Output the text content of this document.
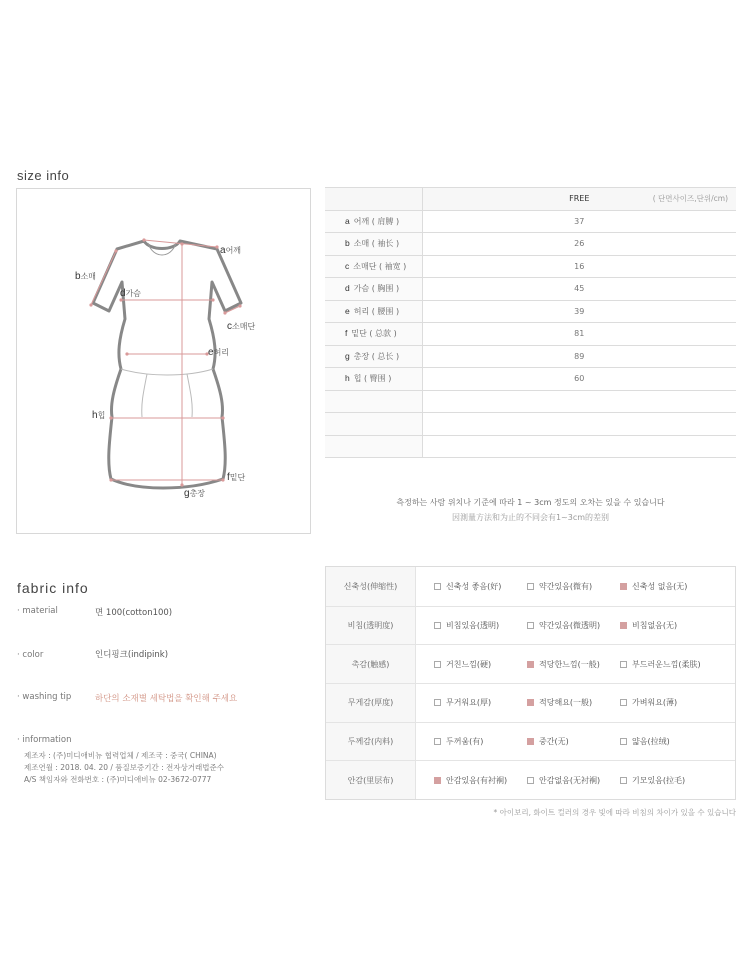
size info
a어깨
b소매
c소매단
d가슴
e허리
f밑단
g총장
h힙
	FREE ( 단면사이즈,단위/cm)

a 어깨 ( 肩膊 )	37
b 소매 ( 袖长 )	26
c 소매단 ( 袖宽 )	16
d 가슴 ( 胸围 )	45
e 허리 ( 腰围 )	39
f 밑단 ( 总款 )	81
g 총장 ( 总长 )	89
h 힙 ( 臀围 )	60

측정하는 사람 위치나 기준에 따라 1 ~ 3cm 정도의 오차는 있을 수 있습니다
因測量方法和为止的不同会有1~3cm的差别
fabric info
· material	면 100(cotton100)
· color	인디핑크(indipink)
· washing tip	하단의 소재별 세탁법을 확인해 주세요
· information
제조자 : (주)미디애비뉴 협력업체 / 제조국 : 중국( CHINA)
제조연월 : 2018. 04. 20 / 품질보증기간 : 전자상거래법준수
A/S 책임자와 전화번호 : (주)미디애비뉴 02-3672-0777
신축성(伸缩性)	신축성 좋음(好)	약간있음(微有)	신축성 없음(无)
비침(透明度)	비침있음(透明)	약간있음(微透明)	비침없음(无)
촉감(触感)	거친느낌(硬)	적당한느낌(一般)	부드러운느낌(柔肤)
무게감(厚度)	무거워요(厚)	적당해요(一般)	가벼워요(薄)
두께감(内料)	두꺼움(有)	중간(无)	얇음(拉绒)
안감(里层布)	안감있음(有衬裥)	안감없음(无衬裥)	기모있음(拉毛)
* 아이보리, 화이트 컬러의 경우 빛에 따라 비침의 차이가 있을 수 있습니다
